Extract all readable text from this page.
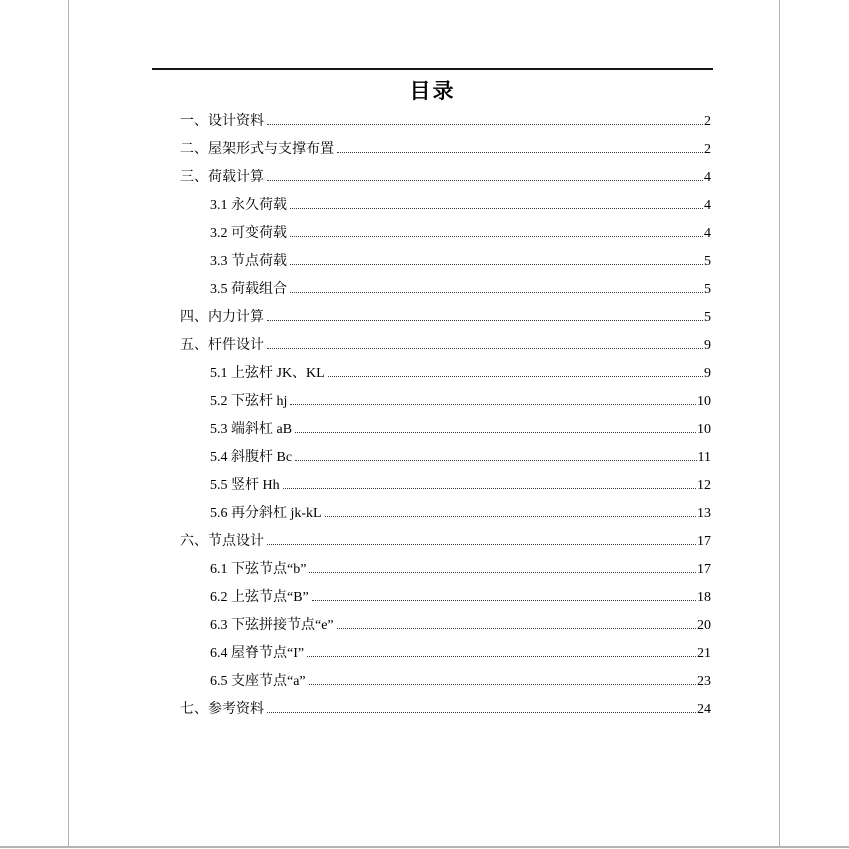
目录
一、设计资料	2
二、屋架形式与支撑布置	2
三、荷载计算	4
3.1 永久荷载	4
3.2 可变荷载	4
3.3 节点荷载	5
3.5 荷载组合	5
四、内力计算	5
五、杆件设计	9
5.1 上弦杆 JK、KL	9
5.2 下弦杆 hj	10
5.3 端斜杠 aB	10
5.4 斜腹杆 Bc	11
5.5 竖杆 Hh	12
5.6 再分斜杠 jk-kL	13
六、节点设计	17
6.1 下弦节点“b”	17
6.2 上弦节点“B”	18
6.3 下弦拼接节点“e”	20
6.4 屋脊节点“I”	21
6.5 支座节点“a”	23
七、参考资料	24
